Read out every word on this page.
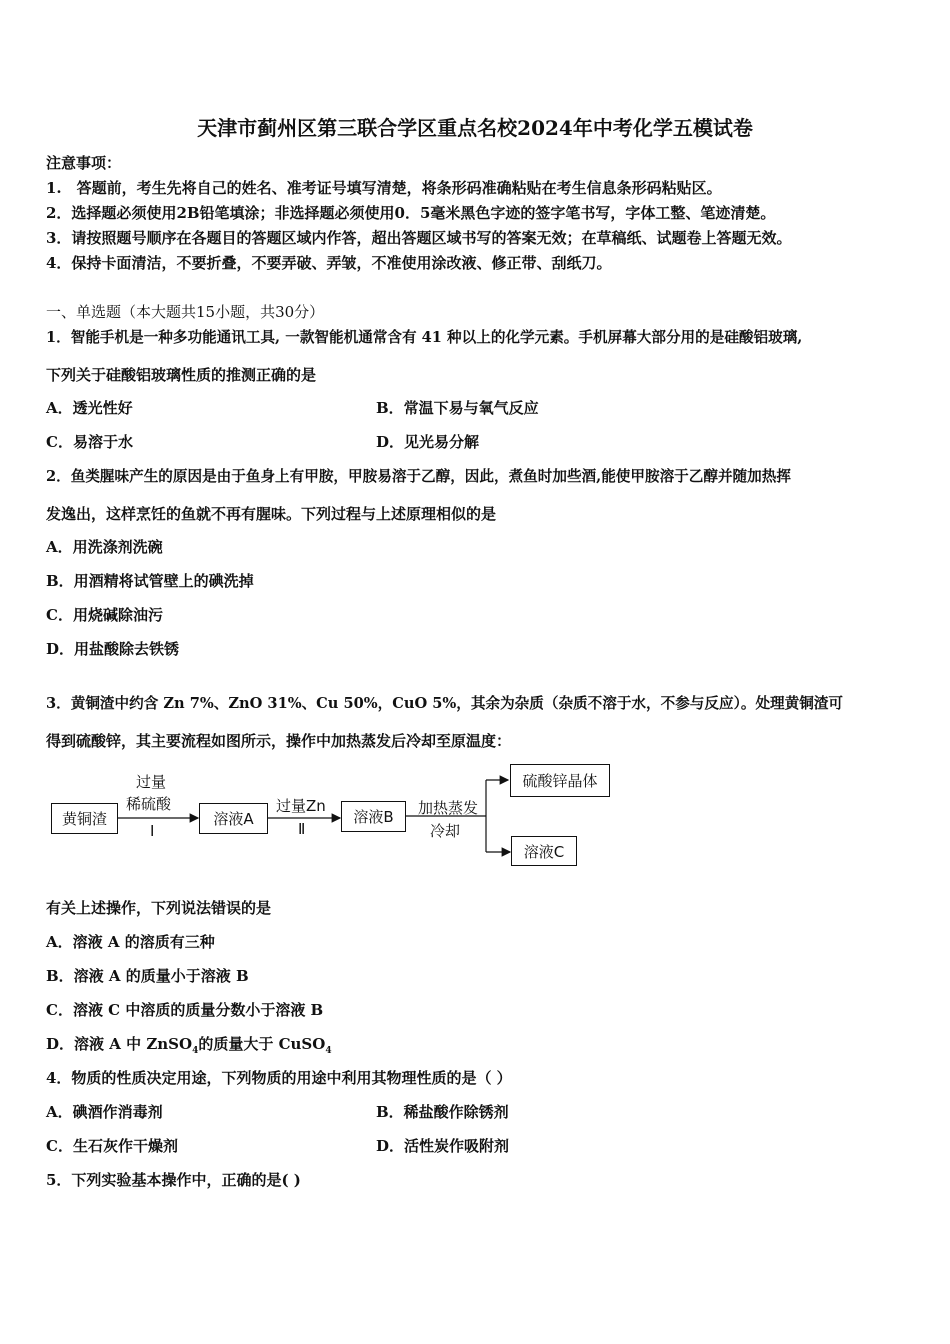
天津市蓟州区第三联合学区重点名校2024年中考化学五模试卷
注意事项：
1.　答题前，考生先将自己的姓名、准考证号填写清楚，将条形码准确粘贴在考生信息条形码粘贴区。
2．选择题必须使用2B铅笔填涂；非选择题必须使用0．5毫米黑色字迹的签字笔书写，字体工整、笔迹清楚。
3．请按照题号顺序在各题目的答题区域内作答，超出答题区域书写的答案无效；在草稿纸、试题卷上答题无效。
4．保持卡面清洁，不要折叠，不要弄破、弄皱，不准使用涂改液、修正带、刮纸刀。
一、单选题（本大题共15小题，共30分）
1．智能手机是一种多功能通讯工具, 一款智能机通常含有 41 种以上的化学元素。手机屏幕大部分用的是硅酸铝玻璃,
下列关于硅酸铝玻璃性质的推测正确的是
A．透光性好	B．常温下易与氧气反应
C．易溶于水	D．见光易分解
2．鱼类腥味产生的原因是由于鱼身上有甲胺，甲胺易溶于乙醇，因此，煮鱼时加些酒,能使甲胺溶于乙醇并随加热挥
发逸出，这样烹饪的鱼就不再有腥味。下列过程与上述原理相似的是
A．用洗涤剂洗碗
B．用酒精将试管壁上的碘洗掉
C．用烧碱除油污
D．用盐酸除去铁锈
3．黄铜渣中约含 Zn 7%、ZnO 31%、Cu 50%，CuO 5%，其余为杂质（杂质不溶于水，不参与反应）。处理黄铜渣可
得到硫酸锌，其主要流程如图所示，操作中加热蒸发后冷却至原温度：
黄铜渣
过量
稀硫酸
Ⅰ
溶液A
过量Zn
Ⅱ
溶液B	加热蒸发
冷却
硫酸锌晶体
溶液C
有关上述操作，下列说法错误的是
A．溶液 A 的溶质有三种
B．溶液 A 的质量小于溶液 B
C．溶液 C 中溶质的质量分数小于溶液 B
D．溶液 A 中 ZnSO$_4$的质量大于 CuSO$_4$
4．物质的性质决定用途，下列物质的用途中利用其物理性质的是（ ）
A．碘酒作消毒剂	B．稀盐酸作除锈剂
C．生石灰作干燥剂	D．活性炭作吸附剂
5．下列实验基本操作中，正确的是( )
